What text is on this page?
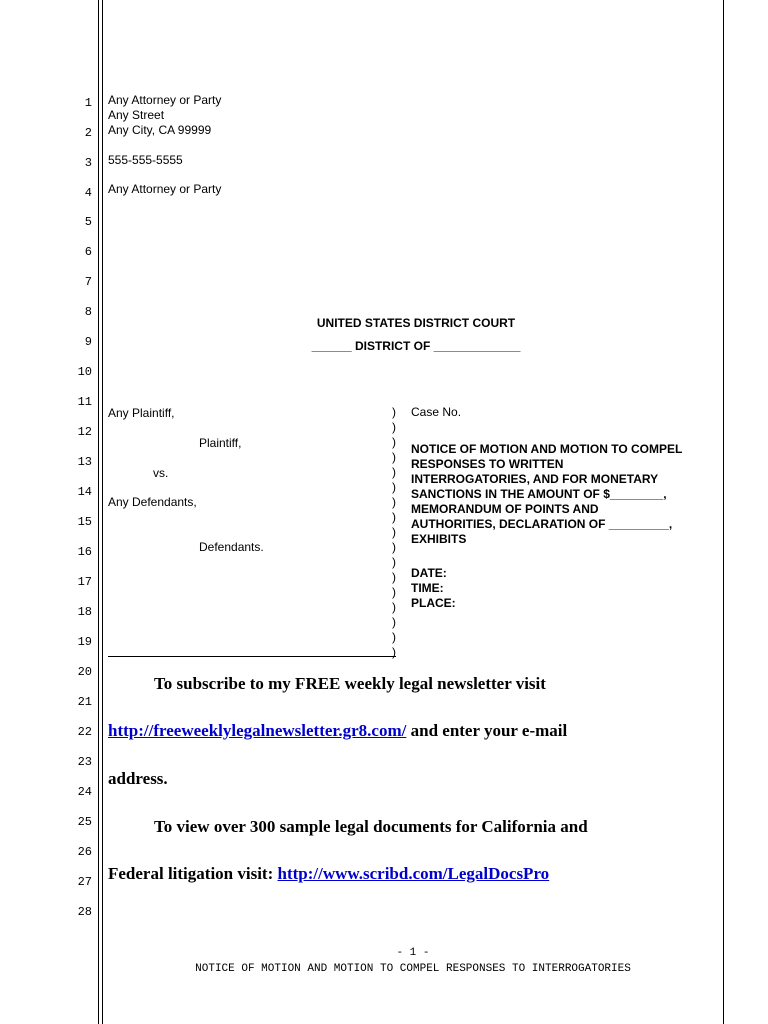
1
2
3
4
5
6
7
8
9
10
11
12
13
14
15
16
17
18
19
20
21
22
23
24
25
26
27
28
Any Attorney or Party
Any Street
Any City, CA 99999
555-555-5555
Any Attorney or Party
UNITED STATES DISTRICT COURT
______ DISTRICT OF _____________
Any Plaintiff,
Plaintiff,
vs.
Any Defendants,
Defendants.
)
)
)
)
)
)
)
)
)
)
)
)
)
)
)
)
)
Case No.
NOTICE OF MOTION AND MOTION TO COMPEL
RESPONSES TO WRITTEN
INTERROGATORIES, AND FOR MONETARY
SANCTIONS IN THE AMOUNT OF $________,
MEMORANDUM OF POINTS AND
AUTHORITIES, DECLARATION OF _________,
EXHIBITS
DATE:
TIME:
PLACE:
To subscribe to my FREE weekly legal newsletter visit
http://freeweeklylegalnewsletter.gr8.com/ and enter your e-mail
address.
To view over 300 sample legal documents for California and
Federal litigation visit: http://www.scribd.com/LegalDocsPro
- 1 -
NOTICE OF MOTION AND MOTION TO COMPEL RESPONSES TO INTERROGATORIES
